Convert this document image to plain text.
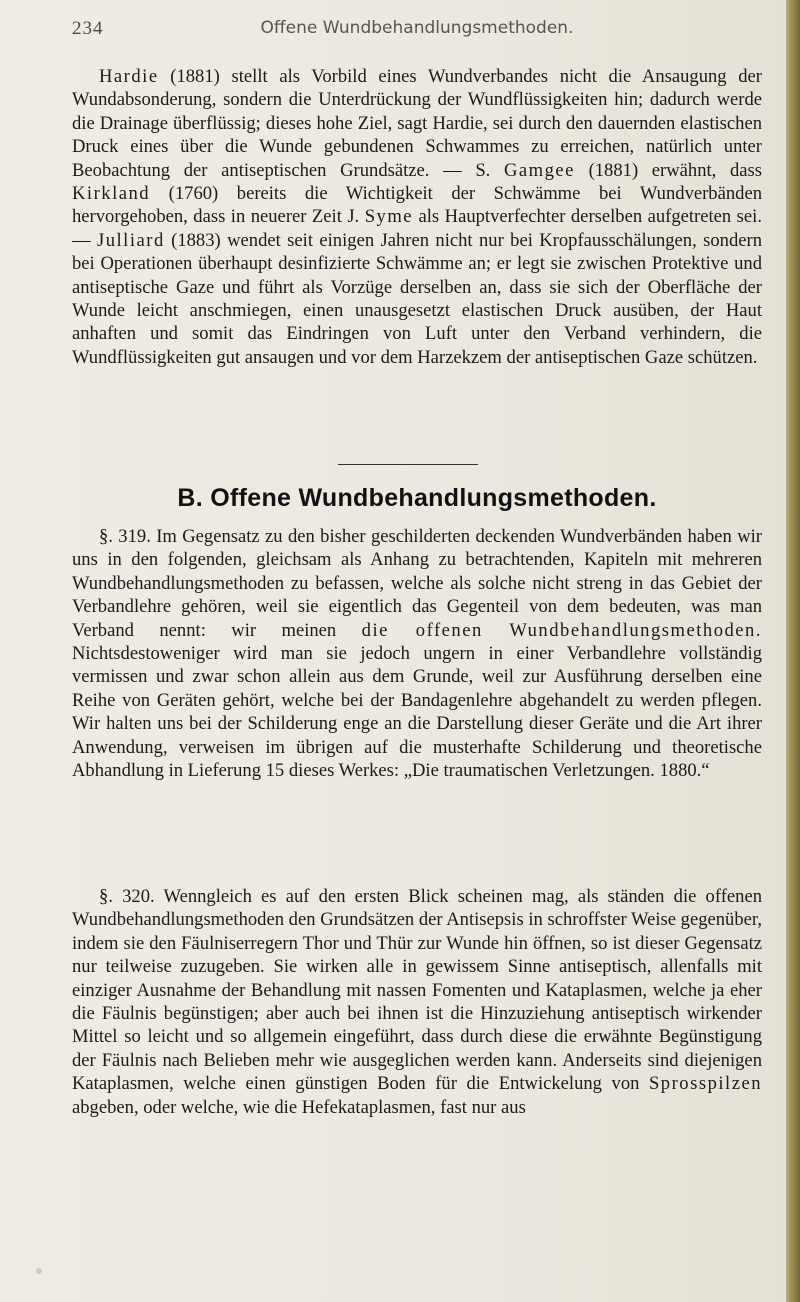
234	Offene Wundbehandlungsmethoden.

Hardie (1881) stellt als Vorbild eines Wundverbandes nicht die Ansaugung der Wundabsonderung, sondern die Unterdrückung der Wundflüssigkeiten hin; dadurch werde die Drainage überflüssig; dieses hohe Ziel, sagt Hardie, sei durch den dauernden elastischen Druck eines über die Wunde gebundenen Schwammes zu erreichen, natürlich unter Beobachtung der antiseptischen Grundsätze. — S. Gamgee (1881) erwähnt, dass Kirkland (1760) bereits die Wichtigkeit der Schwämme bei Wundverbänden hervorgehoben, dass in neuerer Zeit J. Syme als Hauptverfechter derselben aufgetreten sei. — Julliard (1883) wendet seit einigen Jahren nicht nur bei Kropfausschälungen, sondern bei Operationen überhaupt desinfizierte Schwämme an; er legt sie zwischen Protektive und antiseptische Gaze und führt als Vorzüge derselben an, dass sie sich der Oberfläche der Wunde leicht anschmiegen, einen unausgesetzt elastischen Druck ausüben, der Haut anhaften und somit das Eindringen von Luft unter den Verband verhindern, die Wundflüssigkeiten gut ansaugen und vor dem Harzekzem der antiseptischen Gaze schützen.

B. Offene Wundbehandlungsmethoden.

§. 319. Im Gegensatz zu den bisher geschilderten deckenden Wundverbänden haben wir uns in den folgenden, gleichsam als Anhang zu betrachtenden, Kapiteln mit mehreren Wundbehandlungsmethoden zu befassen, welche als solche nicht streng in das Gebiet der Verbandlehre gehören, weil sie eigentlich das Gegenteil von dem bedeuten, was man Verband nennt: wir meinen die offenen Wundbehandlungsmethoden. Nichtsdestoweniger wird man sie jedoch ungern in einer Verbandlehre vollständig vermissen und zwar schon allein aus dem Grunde, weil zur Ausführung derselben eine Reihe von Geräten gehört, welche bei der Bandagenlehre abgehandelt zu werden pflegen. Wir halten uns bei der Schilderung enge an die Darstellung dieser Geräte und die Art ihrer Anwendung, verweisen im übrigen auf die musterhafte Schilderung und theoretische Abhandlung in Lieferung 15 dieses Werkes: „Die traumatischen Verletzungen. 1880.“

§. 320. Wenngleich es auf den ersten Blick scheinen mag, als ständen die offenen Wundbehandlungsmethoden den Grundsätzen der Antisepsis in schroffster Weise gegenüber, indem sie den Fäulniserregern Thor und Thür zur Wunde hin öffnen, so ist dieser Gegensatz nur teilweise zuzugeben. Sie wirken alle in gewissem Sinne antiseptisch, allenfalls mit einziger Ausnahme der Behandlung mit nassen Fomenten und Kataplasmen, welche ja eher die Fäulnis begünstigen; aber auch bei ihnen ist die Hinzuziehung antiseptisch wirkender Mittel so leicht und so allgemein eingeführt, dass durch diese die erwähnte Begünstigung der Fäulnis nach Belieben mehr wie ausgeglichen werden kann. Anderseits sind diejenigen Kataplasmen, welche einen günstigen Boden für die Entwickelung von Sprosspilzen abgeben, oder welche, wie die Hefekataplasmen, fast nur aus
